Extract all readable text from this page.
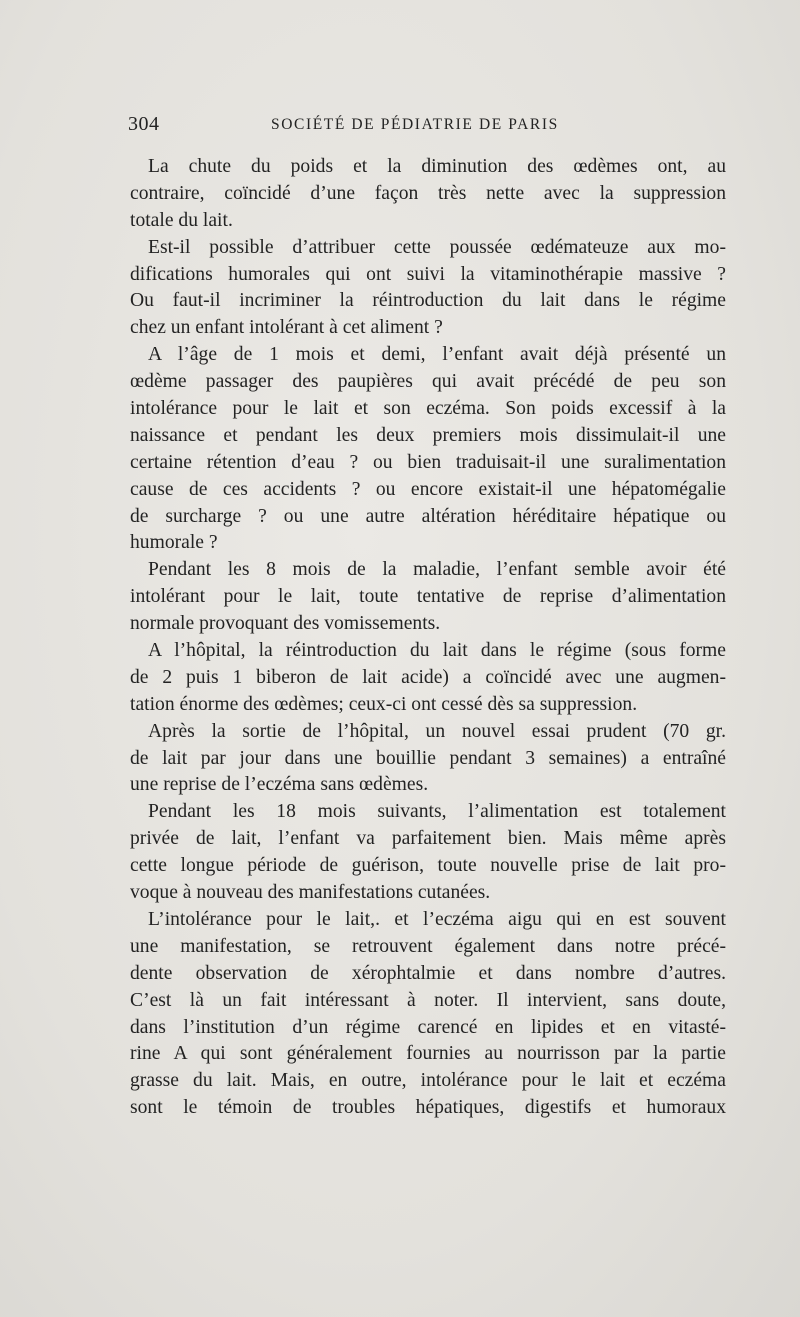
304	SOCIÉTÉ DE PÉDIATRIE DE PARIS
La chute du poids et la diminution des œdèmes ont, au
contraire, coïncidé d’une façon très nette avec la suppression
totale du lait.
Est-il possible d’attribuer cette poussée œdémateuze aux mo-
difications humorales qui ont suivi la vitaminothérapie massive ?
Ou faut-il incriminer la réintroduction du lait dans le régime
chez un enfant intolérant à cet aliment ?
A l’âge de 1 mois et demi, l’enfant avait déjà présenté un
œdème passager des paupières qui avait précédé de peu son
intolérance pour le lait et son eczéma. Son poids excessif à la
naissance et pendant les deux premiers mois dissimulait-il une
certaine rétention d’eau ? ou bien traduisait-il une suralimentation
cause de ces accidents ? ou encore existait-il une hépatomégalie
de surcharge ? ou une autre altération héréditaire hépatique ou
humorale ?
Pendant les 8 mois de la maladie, l’enfant semble avoir été
intolérant pour le lait, toute tentative de reprise d’alimentation
normale provoquant des vomissements.
A l’hôpital, la réintroduction du lait dans le régime (sous forme
de 2 puis 1 biberon de lait acide) a coïncidé avec une augmen-
tation énorme des œdèmes; ceux-ci ont cessé dès sa suppression.
Après la sortie de l’hôpital, un nouvel essai prudent (70 gr.
de lait par jour dans une bouillie pendant 3 semaines) a entraîné
une reprise de l’eczéma sans œdèmes.
Pendant les 18 mois suivants, l’alimentation est totalement
privée de lait, l’enfant va parfaitement bien. Mais même après
cette longue période de guérison, toute nouvelle prise de lait pro-
voque à nouveau des manifestations cutanées.
L’intolérance pour le lait,. et l’eczéma aigu qui en est souvent
une manifestation, se retrouvent également dans notre précé-
dente observation de xérophtalmie et dans nombre d’autres.
C’est là un fait intéressant à noter. Il intervient, sans doute,
dans l’institution d’un régime carencé en lipides et en vitasté-
rine A qui sont généralement fournies au nourrisson par la partie
grasse du lait. Mais, en outre, intolérance pour le lait et eczéma
sont le témoin de troubles hépatiques, digestifs et humoraux
